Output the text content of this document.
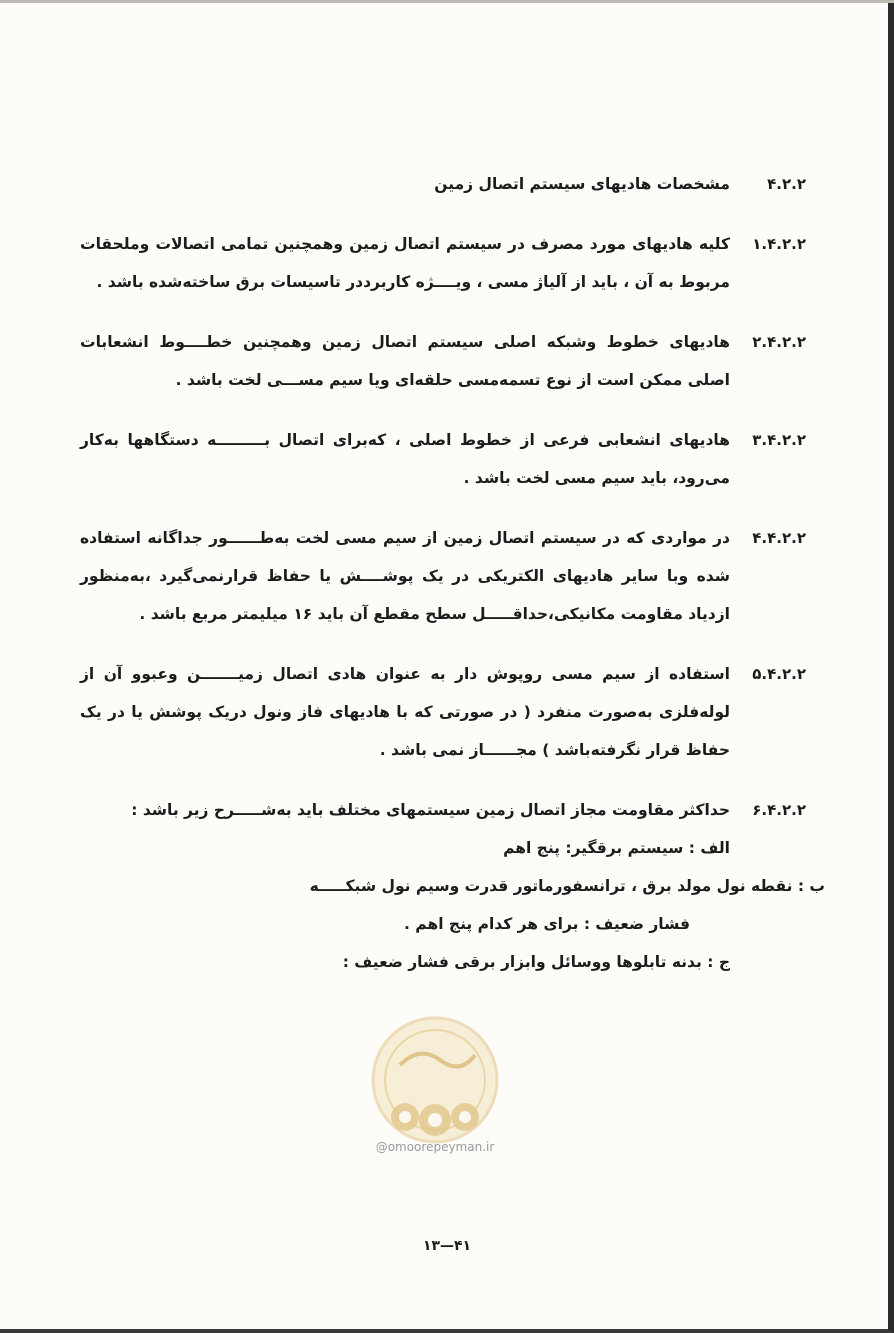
۴.۲.۲
مشخصات هادیهای سیستم اتصال زمین
۱.۴.۲.۲
کلیه هادیهای مورد مصرف در سیستم اتصال زمین وهمچنین تمامی اتصالات وملحقات مربوط به آن ، باید از آلیاژ مسی ، ویــــژه کاربرددر تاسیسات برق ساخته‌شده باشد .
۲.۴.۲.۲
هادیهای خطوط وشبکه اصلی سیستم اتصال زمین وهمچنین خطــــوط انشعابات اصلی ممکن است از نوع تسمه‌مسی حلقه‌ای ویا سیم مســـی لخت باشد .
۳.۴.۲.۲
هادیهای انشعابی فرعی از خطوط اصلی ، که‌برای اتصال بـــــــــه دستگاهها به‌کار می‌رود، باید سیم مسی لخت باشد .
۴.۴.۲.۲
در مواردی که در سیستم اتصال زمین از سیم مسی لخت به‌طــــــور جداگانه استفاده شده وبا سایر هادیهای الکتریکی در یک پوشــــش یا حفاظ قرارنمی‌گیرد ،به‌منظور ازدیاد مقاومت مکانیکی،حداقـــــل سطح مقطع آن باید ۱۶ میلیمتر مربع باشد .
۵.۴.۲.۲
استفاده از سیم مسی روپوش دار به عنوان هادی اتصال زمیـــــــن وعبوو آن از لوله‌فلزی به‌صورت منفرد ( در صورتی که با هادیهای فاز ونول دریک پوشش یا در یک حفاظ قرار نگرفته‌باشد ) مجــــــاز نمی باشد .
۶.۴.۲.۲
حداکثر مقاومت مجاز اتصال زمین سیستمهای مختلف باید به‌شـــــرح زیر باشد :
الف : سیستم برقگیر: پنج اهم
ب : نقطه نول مولد برق ، ترانسفورماتور قدرت وسیم نول شبکـــــه
فشار ضعیف : برای هر کدام پنج اهم .
ج : بدنه تابلوها ووسائل وابزار برقی فشار ضعیف :
@omoorepeyman.ir
۴۱—۱۳
